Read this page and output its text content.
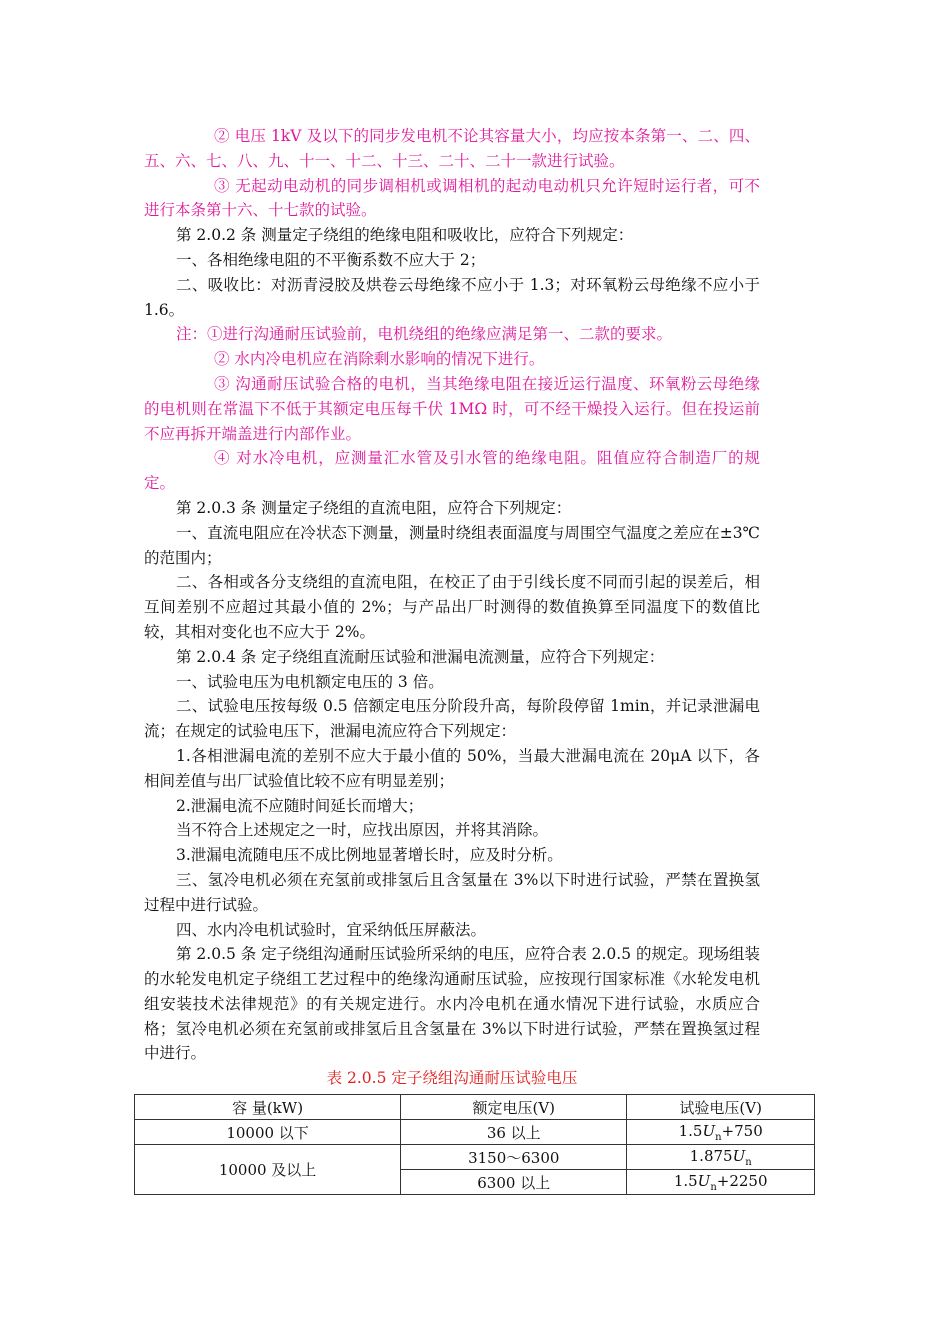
② 电压 1kV 及以下的同步发电机不论其容量大小，均应按本条第一、二、四、五、六、七、八、九、十一、十二、十三、二十、二十一款进行试验。

③ 无起动电动机的同步调相机或调相机的起动电动机只允许短时运行者，可不进行本条第十六、十七款的试验。

第 2.0.2 条 测量定子绕组的绝缘电阻和吸收比，应符合下列规定：

一、各相绝缘电阻的不平衡系数不应大于 2；

二、吸收比：对沥青浸胶及烘卷云母绝缘不应小于 1.3；对环氧粉云母绝缘不应小于 1.6。

注：①进行沟通耐压试验前，电机绕组的绝缘应满足第一、二款的要求。

② 水内冷电机应在消除剩水影响的情况下进行。

③ 沟通耐压试验合格的电机，当其绝缘电阻在接近运行温度、环氧粉云母绝缘的电机则在常温下不低于其额定电压每千伏 1MΩ 时，可不经干燥投入运行。但在投运前不应再拆开端盖进行内部作业。

④ 对水冷电机，应测量汇水管及引水管的绝缘电阻。阻值应符合制造厂的规定。

第 2.0.3 条 测量定子绕组的直流电阻，应符合下列规定：

一、直流电阻应在冷状态下测量，测量时绕组表面温度与周围空气温度之差应在±3℃的范围内；

二、各相或各分支绕组的直流电阻，在校正了由于引线长度不同而引起的误差后，相互间差别不应超过其最小值的 2%；与产品出厂时测得的数值换算至同温度下的数值比较，其相对变化也不应大于 2%。

第 2.0.4 条 定子绕组直流耐压试验和泄漏电流测量，应符合下列规定：

一、试验电压为电机额定电压的 3 倍。

二、试验电压按每级 0.5 倍额定电压分阶段升高，每阶段停留 1min，并记录泄漏电流；在规定的试验电压下，泄漏电流应符合下列规定：

1.各相泄漏电流的差别不应大于最小值的 50%，当最大泄漏电流在 20μA 以下，各相间差值与出厂试验值比较不应有明显差别；

2.泄漏电流不应随时间延长而增大；

当不符合上述规定之一时，应找出原因，并将其消除。

3.泄漏电流随电压不成比例地显著增长时，应及时分析。

三、氢冷电机必须在充氢前或排氢后且含氢量在 3%以下时进行试验，严禁在置换氢过程中进行试验。

四、水内冷电机试验时，宜采纳低压屏蔽法。

第 2.0.5 条 定子绕组沟通耐压试验所采纳的电压，应符合表 2.0.5 的规定。现场组装的水轮发电机定子绕组工艺过程中的绝缘沟通耐压试验，应按现行国家标准《水轮发电机组安装技术法律规范》的有关规定进行。水内冷电机在通水情况下进行试验，水质应合格；氢冷电机必须在充氢前或排氢后且含氢量在 3%以下时进行试验，严禁在置换氢过程中进行。

表 2.0.5 定子绕组沟通耐压试验电压

容 量(kW)	额定电压(V)	试验电压(V)
10000 以下	36 以上	$1.5U_n+750$
10000 及以上	3150～6300	$1.875U_n$
	6300 以上	$1.5U_n+2250$
